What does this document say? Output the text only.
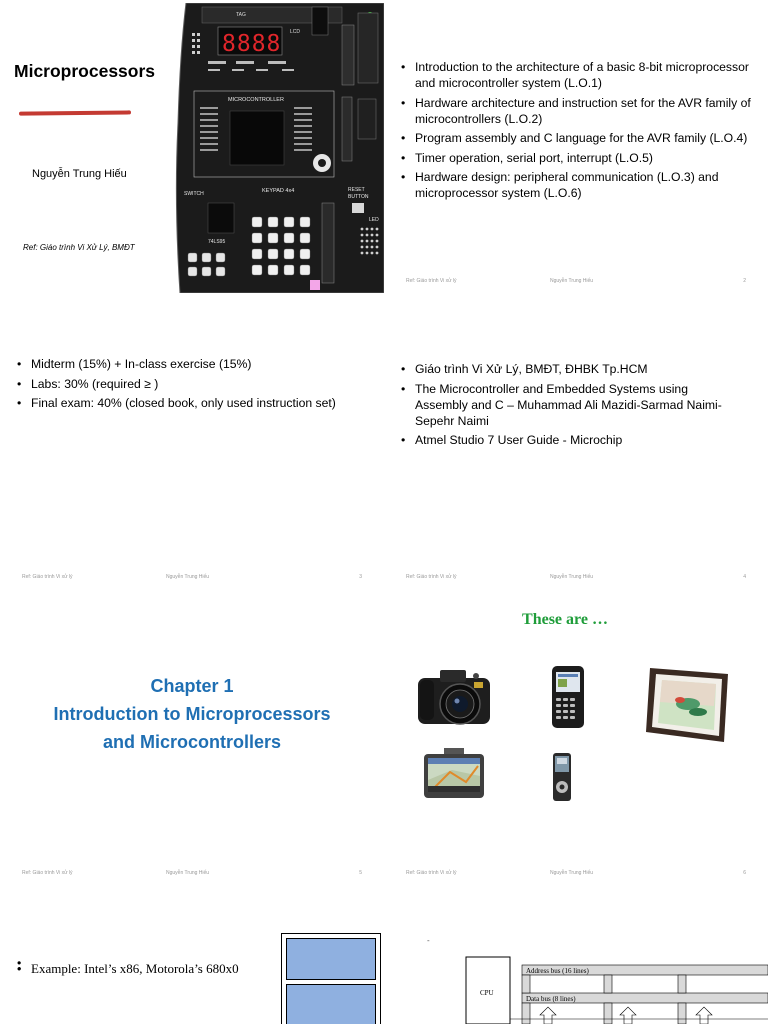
Microprocessors
Nguyễn Trung Hiếu
Ref: Giáo trình Vi Xử Lý, BMĐT
TAG
8888 LCD
MICROCONTROLLER
SWITCH	KEYPAD 4x4	RESET
BUTTON
LED
74LS95
• Introduction to the architecture of a basic 8-bit microprocessor and microcontroller system (L.O.1)
• Hardware architecture and instruction set for the AVR family of microcontrollers (L.O.2)
• Program assembly and C language for the AVR family (L.O.4)
• Timer operation, serial port, interrupt (L.O.5)
• Hardware design: peripheral communication (L.O.3) and microprocessor system (L.O.6)
Ref: Giáo trình Vi xử lý	Nguyễn Trung Hiếu	2
• Midterm (15%) + In-class exercise (15%)
• Labs: 30% (required ≥ )
• Final exam: 40% (closed book, only used instruction set)
Ref: Giáo trình Vi xử lý	Nguyễn Trung Hiếu	3
• Giáo trình Vi Xử Lý, BMĐT, ĐHBK Tp.HCM
• The Microcontroller and Embedded Systems using Assembly and C – Muhammad Ali Mazidi-Sarmad Naimi-Sepehr Naimi
• Atmel Studio 7 User Guide - Microchip
Ref: Giáo trình Vi xử lý	Nguyễn Trung Hiếu	4
Chapter 1
Introduction to Microprocessors
and Microcontrollers
Ref: Giáo trình Vi xử lý	Nguyễn Trung Hiếu	5
These are …
Ref: Giáo trình Vi xử lý	Nguyễn Trung Hiếu	6
• Example: Intel’s x86, Motorola’s 680x0
-
CPU
Address bus (16 lines)
Data bus (8 lines)
